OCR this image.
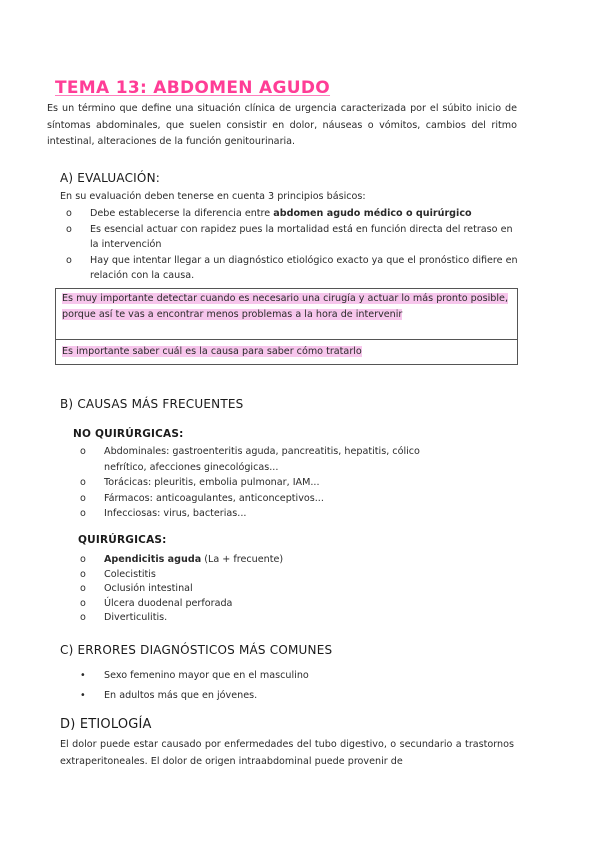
TEMA 13: ABDOMEN AGUDO
Es un término que define una situación clínica de urgencia caracterizada por el súbito inicio de síntomas abdominales, que suelen consistir en dolor, náuseas o vómitos, cambios del ritmo intestinal, alteraciones de la función genitourinaria.
A) EVALUACIÓN:
En su evaluación deben tenerse en cuenta 3 principios básicos:
o Debe establecerse la diferencia entre abdomen agudo médico o quirúrgico
o Es esencial actuar con rapidez pues la mortalidad está en función directa del retraso en la intervención
o Hay que intentar llegar a un diagnóstico etiológico exacto ya que el pronóstico difiere en relación con la causa.
Es muy importante detectar cuando es necesario una cirugía y actuar lo más pronto posible, porque así te vas a encontrar menos problemas a la hora de intervenir
Es importante saber cuál es la causa para saber cómo tratarlo
B) CAUSAS MÁS FRECUENTES
NO QUIRÚRGICAS:
o Abdominales: gastroenteritis aguda, pancreatitis, hepatitis, cólico nefrítico, afecciones ginecológicas...
o Torácicas: pleuritis, embolia pulmonar, IAM...
o Fármacos: anticoagulantes, anticonceptivos...
o Infecciosas: virus, bacterias...
QUIRÚRGICAS:
o Apendicitis aguda (La + frecuente)
o Colecistitis
o Oclusión intestinal
o Úlcera duodenal perforada
o Diverticulitis.
C) ERRORES DIAGNÓSTICOS MÁS COMUNES
• Sexo femenino mayor que en el masculino
• En adultos más que en jóvenes.
D) ETIOLOGÍA
El dolor puede estar causado por enfermedades del tubo digestivo, o secundario a trastornos extraperitoneales. El dolor de origen intraabdominal puede provenir de
